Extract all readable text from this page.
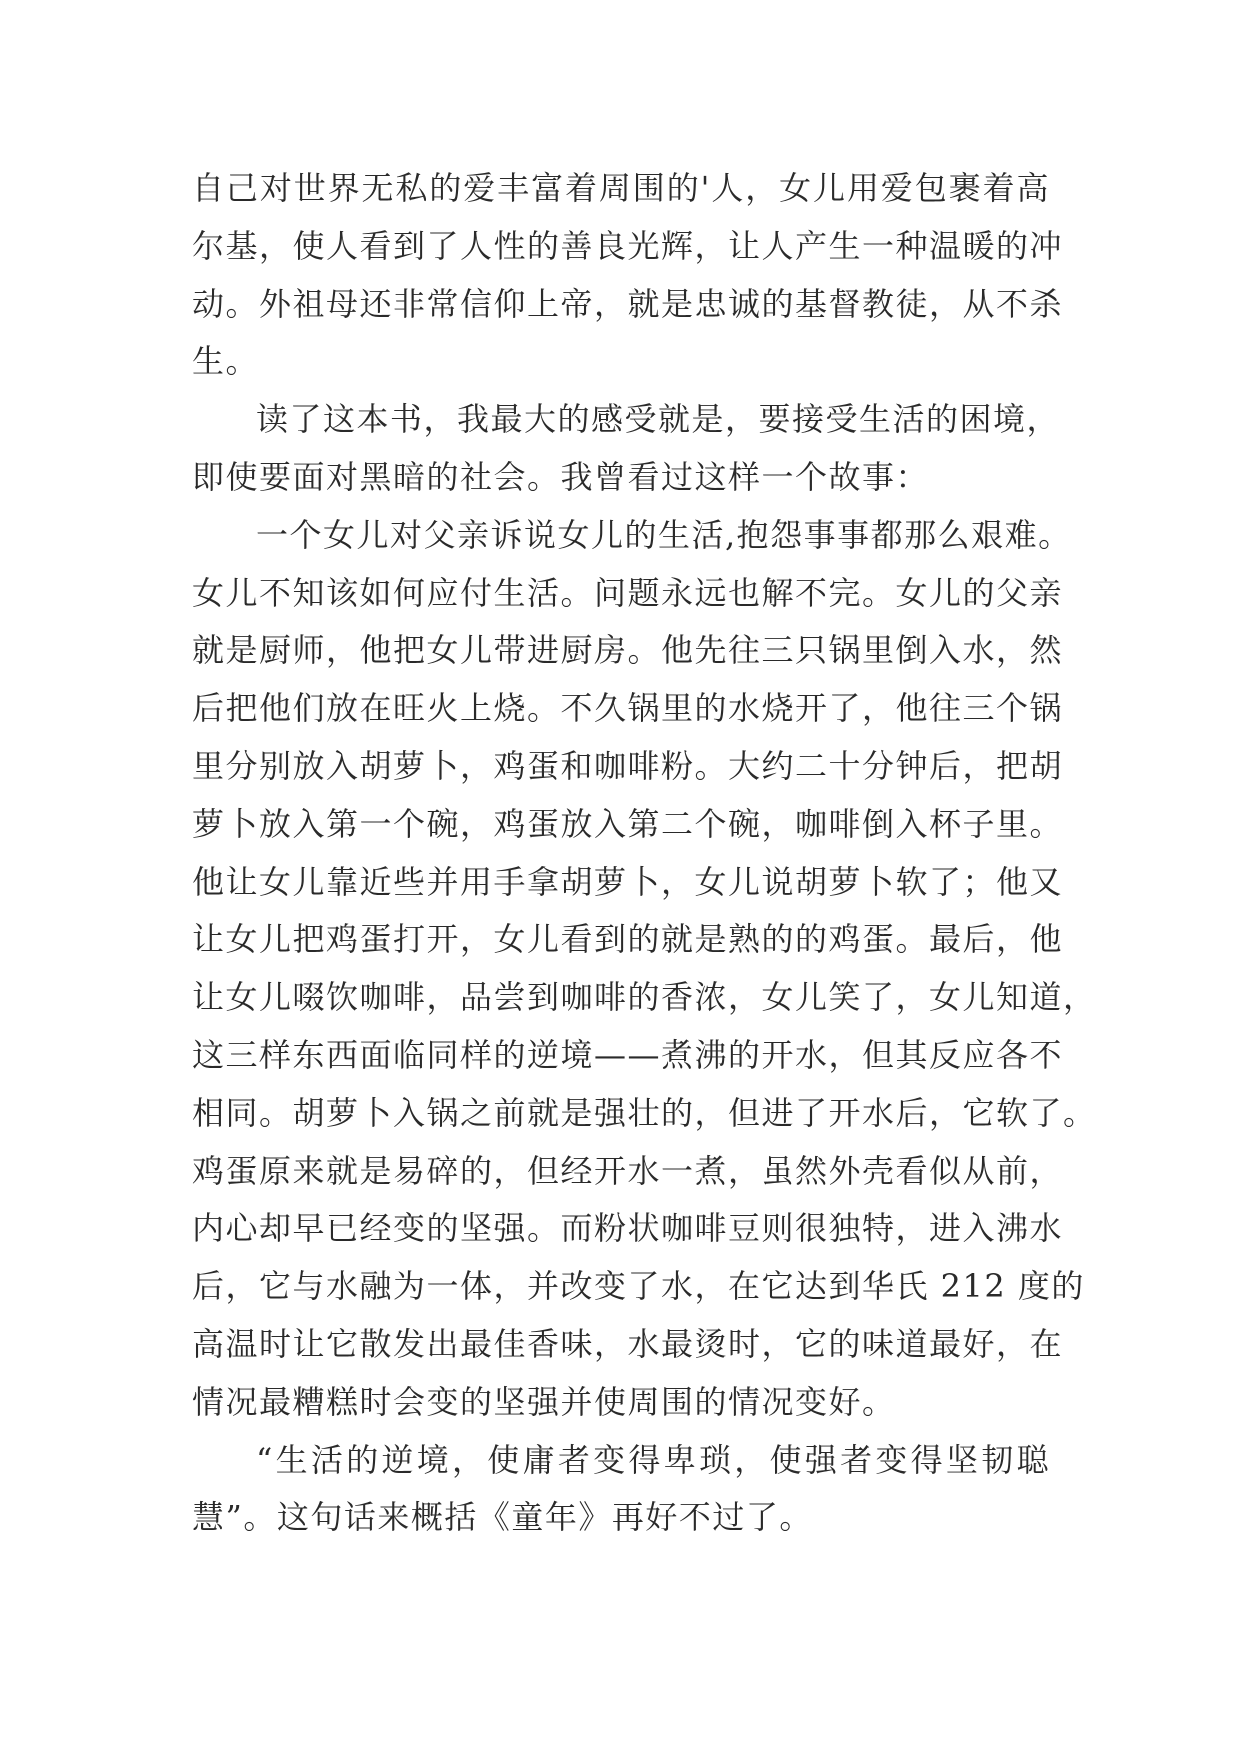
自己对世界无私的爱丰富着周围的'人，女儿用爱包裹着高
尔基，使人看到了人性的善良光辉，让人产生一种温暖的冲
动。外祖母还非常信仰上帝，就是忠诚的基督教徒，从不杀
生。
读了这本书，我最大的感受就是，要接受生活的困境，
即使要面对黑暗的社会。我曾看过这样一个故事：
一个女儿对父亲诉说女儿的生活,抱怨事事都那么艰难。
女儿不知该如何应付生活。问题永远也解不完。女儿的父亲
就是厨师，他把女儿带进厨房。他先往三只锅里倒入水，然
后把他们放在旺火上烧。不久锅里的水烧开了，他往三个锅
里分别放入胡萝卜，鸡蛋和咖啡粉。大约二十分钟后，把胡
萝卜放入第一个碗，鸡蛋放入第二个碗，咖啡倒入杯子里。
他让女儿靠近些并用手拿胡萝卜，女儿说胡萝卜软了；他又
让女儿把鸡蛋打开，女儿看到的就是熟的的鸡蛋。最后，他
让女儿啜饮咖啡，品尝到咖啡的香浓，女儿笑了，女儿知道，
这三样东西面临同样的逆境——煮沸的开水，但其反应各不
相同。胡萝卜入锅之前就是强壮的，但进了开水后，它软了。
鸡蛋原来就是易碎的，但经开水一煮，虽然外壳看似从前，
内心却早已经变的坚强。而粉状咖啡豆则很独特，进入沸水
后，它与水融为一体，并改变了水，在它达到华氏 212 度的
高温时让它散发出最佳香味，水最烫时，它的味道最好，在
情况最糟糕时会变的坚强并使周围的情况变好。
“生活的逆境，使庸者变得卑琐，使强者变得坚韧聪
慧”。这句话来概括《童年》再好不过了。
